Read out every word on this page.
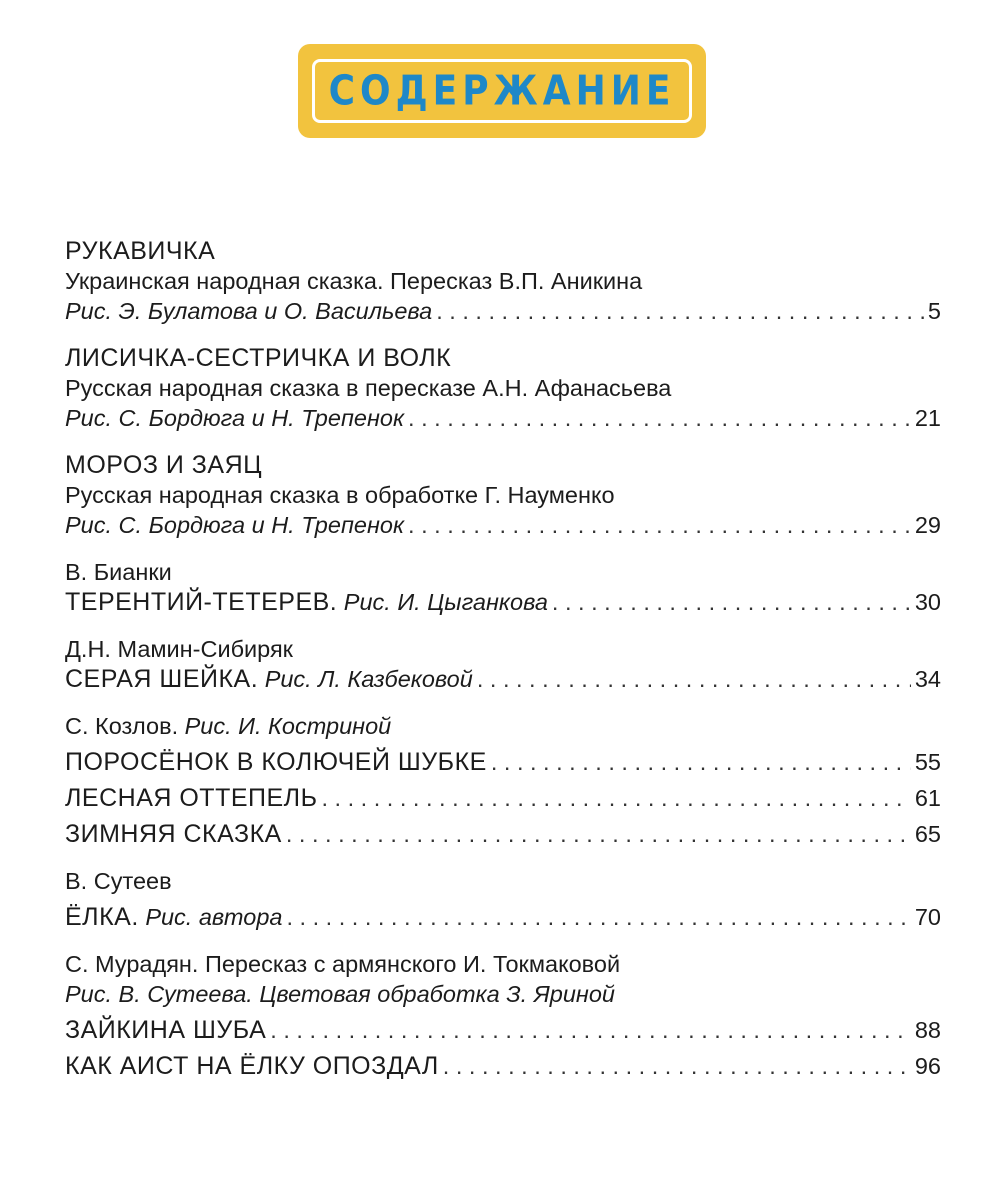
СОДЕРЖАНИЕ
РУКАВИЧКА
Украинская народная сказка. Пересказ В.П. Аникина
Рис. Э. Булатова и О. Васильева . . .	5
ЛИСИЧКА-СЕСТРИЧКА И ВОЛК
Русская народная сказка в пересказе А.Н. Афанасьева
Рис. С. Бордюга и Н. Трепенок . . .	21
МОРОЗ И ЗАЯЦ
Русская народная сказка в обработке Г. Науменко
Рис. С. Бордюга и Н. Трепенок . . .	29
В. Бианки
ТЕРЕНТИЙ-ТЕТЕРЕВ. Рис. И. Цыганкова . . .	30
Д.Н. Мамин-Сибиряк
СЕРАЯ ШЕЙКА. Рис. Л. Казбековой . . .	34
С. Козлов. Рис. И. Костриной
ПОРОСЁНОК В КОЛЮЧЕЙ ШУБКЕ . . .	55
ЛЕСНАЯ ОТТЕПЕЛЬ . . .	61
ЗИМНЯЯ СКАЗКА . . .	65
В. Сутеев
ЁЛКА. Рис. автора . . .	70
С. Мурадян. Пересказ с армянского И. Токмаковой
Рис. В. Сутеева. Цветовая обработка З. Яриной
ЗАЙКИНА ШУБА . . .	88
КАК АИСТ НА ЁЛКУ ОПОЗДАЛ . . .	96
